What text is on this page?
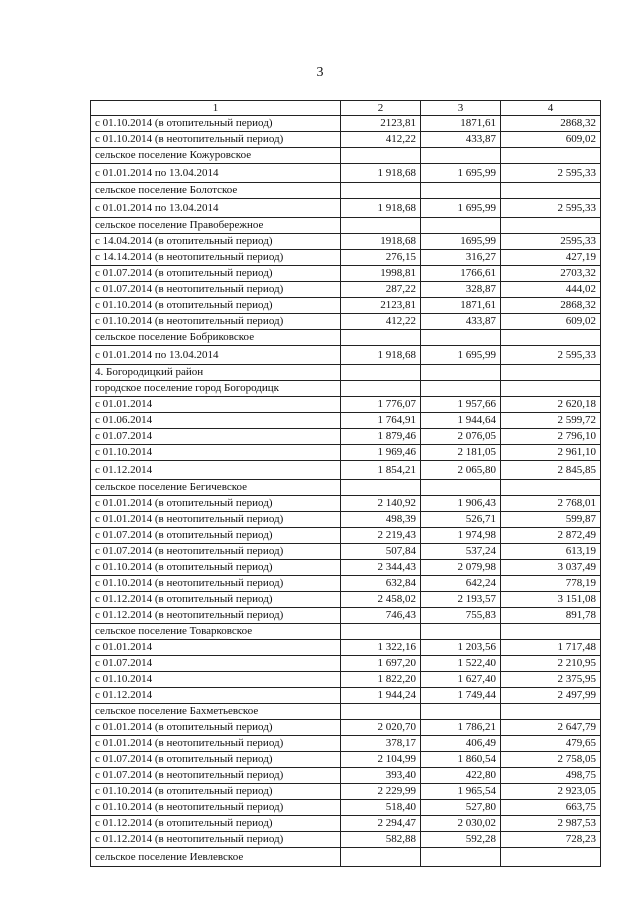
3
1	2	3	4
с 01.10.2014 (в отопительный период)	2123,81	1871,61	2868,32
с 01.10.2014 (в неотопительный период)	412,22	433,87	609,02
сельское поселение Кожуровское			
с 01.01.2014 по 13.04.2014	1 918,68	1 695,99	2 595,33
сельское поселение Болотское			
с 01.01.2014 по 13.04.2014	1 918,68	1 695,99	2 595,33
сельское поселение Правобережное			
с 14.04.2014 (в отопительный период)	1918,68	1695,99	2595,33
с 14.14.2014 (в неотопительный период)	276,15	316,27	427,19
с 01.07.2014 (в отопительный период)	1998,81	1766,61	2703,32
с 01.07.2014 (в неотопительный период)	287,22	328,87	444,02
с 01.10.2014 (в отопительный период)	2123,81	1871,61	2868,32
с 01.10.2014 (в неотопительный период)	412,22	433,87	609,02
сельское поселение Бобриковское			
с 01.01.2014 по 13.04.2014	1 918,68	1 695,99	2 595,33
4. Богородицкий район			
городское поселение город Богородицк			
с 01.01.2014	1 776,07	1 957,66	2 620,18
с 01.06.2014	1 764,91	1 944,64	2 599,72
с 01.07.2014	1 879,46	2 076,05	2 796,10
с 01.10.2014	1 969,46	2 181,05	2 961,10
с 01.12.2014	1 854,21	2 065,80	2 845,85
сельское поселение Бегичевское			
с 01.01.2014 (в отопительный период)	2 140,92	1 906,43	2 768,01
с 01.01.2014 (в неотопительный период)	498,39	526,71	599,87
с 01.07.2014 (в отопительный период)	2 219,43	1 974,98	2 872,49
с 01.07.2014 (в неотопительный период)	507,84	537,24	613,19
с 01.10.2014 (в отопительный период)	2 344,43	2 079,98	3 037,49
с 01.10.2014 (в неотопительный период)	632,84	642,24	778,19
с 01.12.2014 (в отопительный период)	2 458,02	2 193,57	3 151,08
с 01.12.2014 (в неотопительный период)	746,43	755,83	891,78
сельское поселение Товарковское			
с 01.01.2014	1 322,16	1 203,56	1 717,48
с 01.07.2014	1 697,20	1 522,40	2 210,95
с 01.10.2014	1 822,20	1 627,40	2 375,95
с 01.12.2014	1 944,24	1 749,44	2 497,99
сельское поселение Бахметьевское			
с 01.01.2014 (в отопительный период)	2 020,70	1 786,21	2 647,79
с 01.01.2014 (в неотопительный период)	378,17	406,49	479,65
с 01.07.2014 (в отопительный период)	2 104,99	1 860,54	2 758,05
с 01.07.2014 (в неотопительный период)	393,40	422,80	498,75
с 01.10.2014 (в отопительный период)	2 229,99	1 965,54	2 923,05
с 01.10.2014 (в неотопительный период)	518,40	527,80	663,75
с 01.12.2014 (в отопительный период)	2 294,47	2 030,02	2 987,53
с 01.12.2014 (в неотопительный период)	582,88	592,28	728,23
сельское поселение Иевлевское			
